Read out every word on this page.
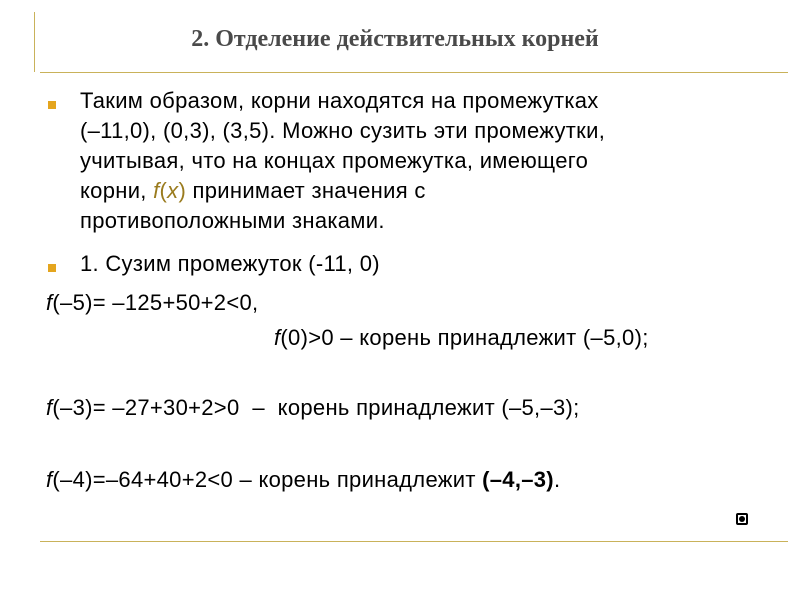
2. Отделение действительных корней
Таким образом, корни находятся на промежутках
(–11,0), (0,3), (3,5). Можно сузить эти промежутки,
учитывая, что на концах промежутка, имеющего
корни, f(x) принимает значения с
противоположными знаками.
1. Сузим промежуток (-11, 0)
f(–5)= –125+50+2<0,
f(0)>0 – корень принадлежит (–5,0);
f(–3)= –27+30+2>0  –  корень принадлежит (–5,–3);
f(–4)=–64+40+2<0 – корень принадлежит (–4,–3).
